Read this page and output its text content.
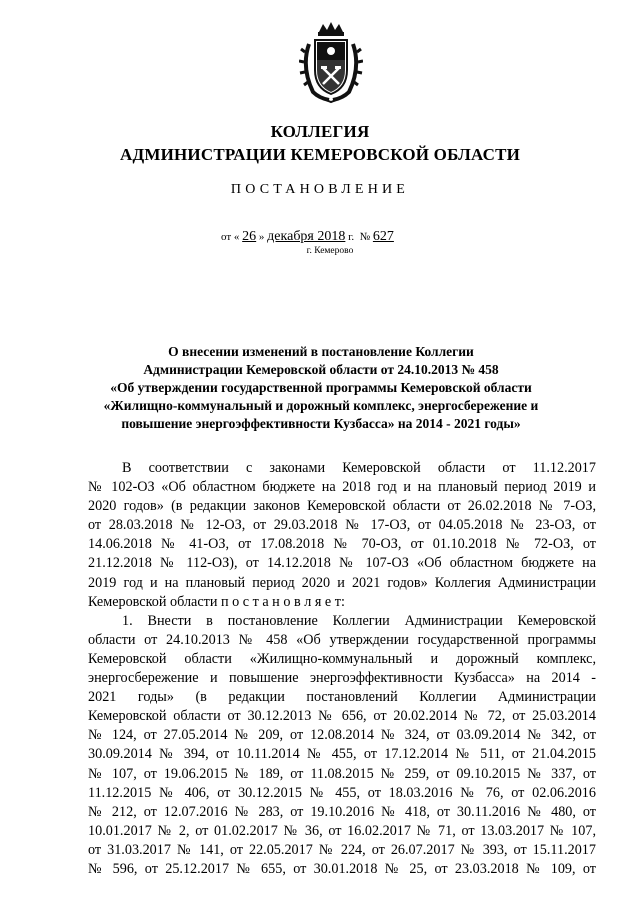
КОЛЛЕГИЯ
АДМИНИСТРАЦИИ КЕМЕРОВСКОЙ ОБЛАСТИ
ПОСТАНОВЛЕНИЕ
от « 26 » декабря 2018 г. № 627
г. Кемерово
О внесении изменений в постановление Коллегии
Администрации Кемеровской области от 24.10.2013 № 458
«Об утверждении государственной программы Кемеровской области
«Жилищно-коммунальный и дорожный комплекс, энергосбережение и
повышение энергоэффективности Кузбасса» на 2014 - 2021 годы»
В соответствии с законами Кемеровской области от 11.12.2017
№ 102-ОЗ «Об областном бюджете на 2018 год и на плановый период 2019 и
2020 годов» (в редакции законов Кемеровской области от 26.02.2018 № 7-ОЗ,
от 28.03.2018 № 12-ОЗ, от 29.03.2018 № 17-ОЗ, от 04.05.2018 № 23-ОЗ, от
14.06.2018 № 41-ОЗ, от 17.08.2018 № 70-ОЗ, от 01.10.2018 № 72-ОЗ, от
21.12.2018 № 112-ОЗ), от 14.12.2018 № 107-ОЗ «Об областном бюджете на
2019 год и на плановый период 2020 и 2021 годов» Коллегия Администрации
Кемеровской области п о с т а н о в л я е т:
1. Внести в постановление Коллегии Администрации Кемеровской
области от 24.10.2013 № 458 «Об утверждении государственной программы
Кемеровской области «Жилищно-коммунальный и дорожный комплекс,
энергосбережение и повышение энергоэффективности Кузбасса» на 2014 -
2021 годы» (в редакции постановлений Коллегии Администрации
Кемеровской области от 30.12.2013 № 656, от 20.02.2014 № 72, от 25.03.2014
№ 124, от 27.05.2014 № 209, от 12.08.2014 № 324, от 03.09.2014 № 342, от
30.09.2014 № 394, от 10.11.2014 № 455, от 17.12.2014 № 511, от 21.04.2015
№ 107, от 19.06.2015 № 189, от 11.08.2015 № 259, от 09.10.2015 № 337, от
11.12.2015 № 406, от 30.12.2015 № 455, от 18.03.2016 № 76, от 02.06.2016
№ 212, от 12.07.2016 № 283, от 19.10.2016 № 418, от 30.11.2016 № 480, от
10.01.2017 № 2, от 01.02.2017 № 36, от 16.02.2017 № 71, от 13.03.2017 № 107,
от 31.03.2017 № 141, от 22.05.2017 № 224, от 26.07.2017 № 393, от 15.11.2017
№ 596, от 25.12.2017 № 655, от 30.01.2018 № 25, от 23.03.2018 № 109, от
